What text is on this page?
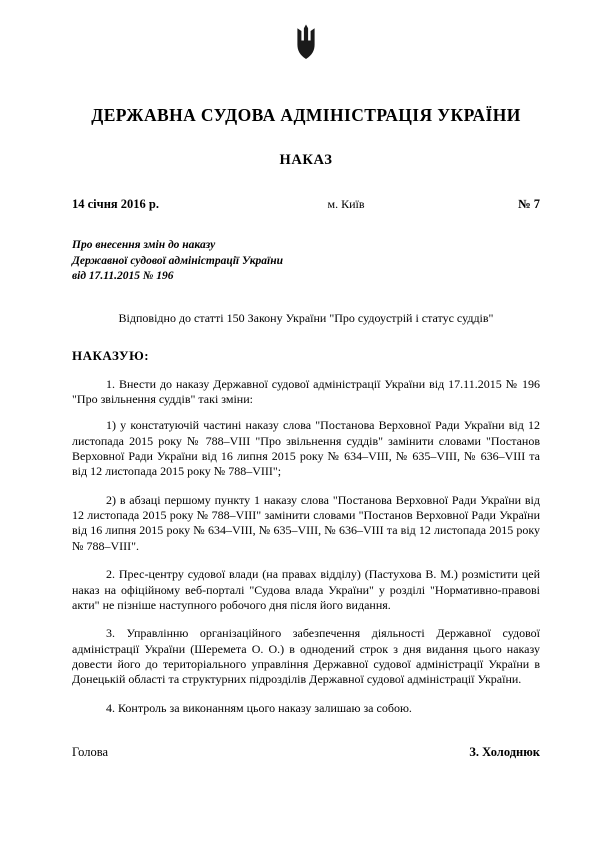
ДЕРЖАВНА СУДОВА АДМІНІСТРАЦІЯ УКРАЇНИ
НАКАЗ
14 січня 2016 р.	м. Київ	№ 7
Про внесення змін до наказу
Державної судової адміністрації України
від 17.11.2015 № 196
Відповідно до статті 150 Закону України "Про судоустрій і статус суддів"
НАКАЗУЮ:

1. Внести до наказу Державної судової адміністрації України від 17.11.2015 № 196 "Про звільнення суддів" такі зміни:

1) у констатуючій частині наказу слова "Постанова Верховної Ради України від 12 листопада 2015 року № 788–VIII "Про звільнення суддів" замінити словами "Постанов Верховної Ради України від 16 липня 2015 року № 634–VIII, № 635–VIII, № 636–VIII та від 12 листопада 2015 року № 788–VIII";

2) в абзаці першому пункту 1 наказу слова "Постанова Верховної Ради України від 12 листопада 2015 року № 788–VIII" замінити словами "Постанов Верховної Ради України від 16 липня 2015 року № 634–VIII, № 635–VIII, № 636–VIII та від 12 листопада 2015 року № 788–VIII".

2. Прес-центру судової влади (на правах відділу) (Пастухова В. М.) розмістити цей наказ на офіційному веб-порталі "Судова влада України" у розділі "Нормативно-правові акти" не пізніше наступного робочого дня після його видання.

3. Управлінню організаційного забезпечення діяльності Державної судової адміністрації України (Шеремета О. О.) в однодений строк з дня видання цього наказу довести його до територіального управління Державної судової адміністрації України в Донецькій області та структурних підрозділів Державної судової адміністрації України.

4. Контроль за виконанням цього наказу залишаю за собою.

Голова	З. Холоднюк
